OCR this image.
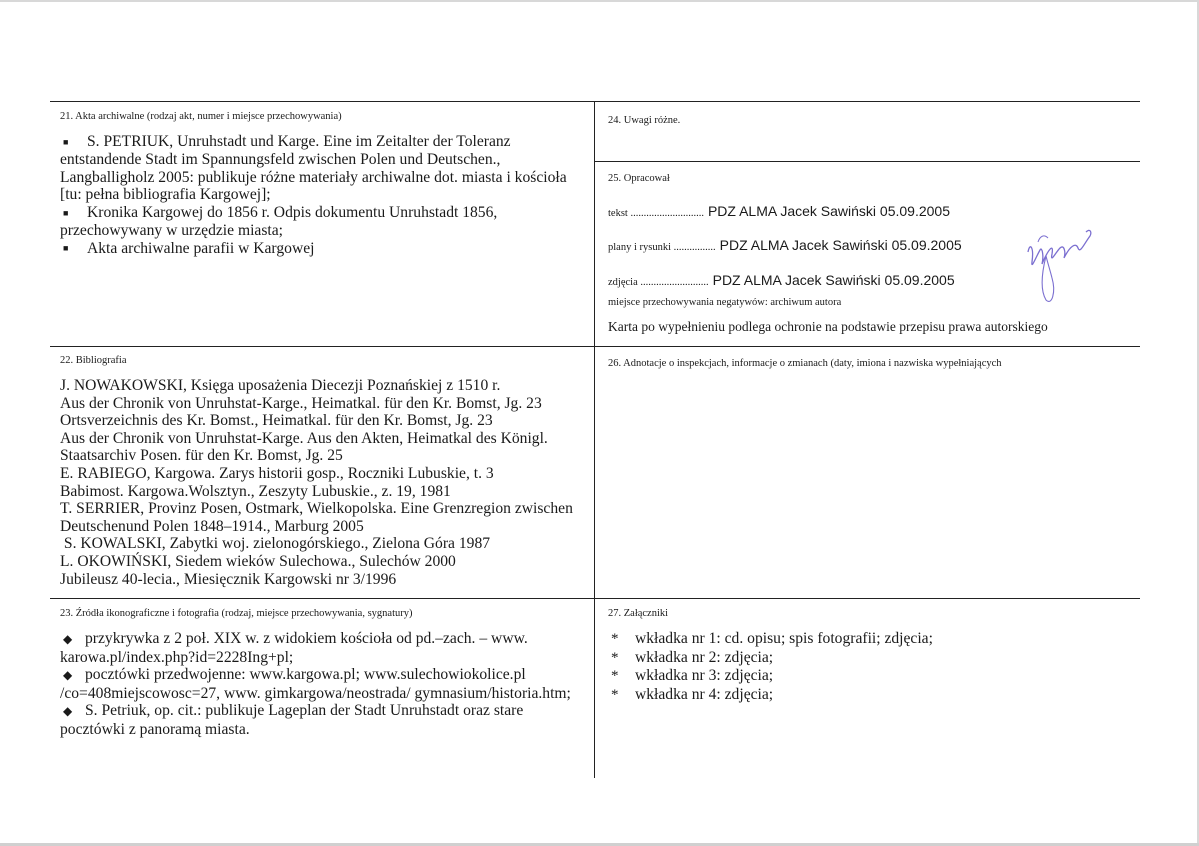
21. Akta archiwalne (rodzaj akt, numer i miejsce przechowywania)
■ S. PETRIUK, Unruhstadt und Karge. Eine im Zeitalter der Toleranz
entstandende Stadt im Spannungsfeld zwischen Polen und Deutschen.,
Langballigholz 2005: publikuje różne materiały archiwalne dot. miasta i kościoła
[tu: pełna bibliografia Kargowej];
■ Kronika Kargowej do 1856 r. Odpis dokumentu Unruhstadt 1856,
przechowywany w urzędzie miasta;
■ Akta archiwalne parafii w Kargowej
24. Uwagi różne.
25. Opracował
tekst ............................ PDZ ALMA Jacek Sawiński 05.09.2005
plany i rysunki ................ PDZ ALMA Jacek Sawiński 05.09.2005
zdjęcia .......................... PDZ ALMA Jacek Sawiński 05.09.2005
miejsce przechowywania negatywów: archiwum autora
Karta po wypełnieniu podlega ochronie na podstawie przepisu prawa autorskiego
22. Bibliografia
J. NOWAKOWSKI, Księga uposażenia Diecezji Poznańskiej z 1510 r.
Aus der Chronik von Unruhstat-Karge., Heimatkal. für den Kr. Bomst, Jg. 23
Ortsverzeichnis des Kr. Bomst., Heimatkal. für den Kr. Bomst, Jg. 23
Aus der Chronik von Unruhstat-Karge. Aus den Akten, Heimatkal des Königl.
Staatsarchiv Posen. für den Kr. Bomst, Jg. 25
E. RABIEGO, Kargowa. Zarys historii gosp., Roczniki Lubuskie, t. 3
Babimost. Kargowa.Wolsztyn., Zeszyty Lubuskie., z. 19, 1981
T. SERRIER, Provinz Posen, Ostmark, Wielkopolska. Eine Grenzregion zwischen
Deutschenund Polen 1848–1914., Marburg 2005
S. KOWALSKI, Zabytki woj. zielonogórskiego., Zielona Góra 1987
L. OKOWIŃSKI, Siedem wieków Sulechowa., Sulechów 2000
Jubileusz 40-lecia., Miesięcznik Kargowski nr 3/1996
26. Adnotacje o inspekcjach, informacje o zmianach (daty, imiona i nazwiska wypełniających
23. Źródła ikonograficzne i fotografia (rodzaj, miejsce przechowywania, sygnatury)

◆ przykrywka z 2 poł. XIX w. z widokiem kościoła od pd.–zach. – www.
karowa.pl/index.php?id=2228Ing+pl;

◆ pocztówki przedwojenne: www.kargowa.pl; www.sulechowiokolice.pl
/co=408miejscowosc=27, www. gimkargowa/neostrada/ gymnasium/historia.htm;

◆ S. Petriuk, op. cit.: publikuje Lageplan der Stadt Unruhstadt oraz stare
pocztówki z panoramą miasta.

27. Załączniki
* wkładka nr 1: cd. opisu; spis fotografii; zdjęcia;
* wkładka nr 2: zdjęcia;
* wkładka nr 3: zdjęcia;
* wkładka nr 4: zdjęcia;
